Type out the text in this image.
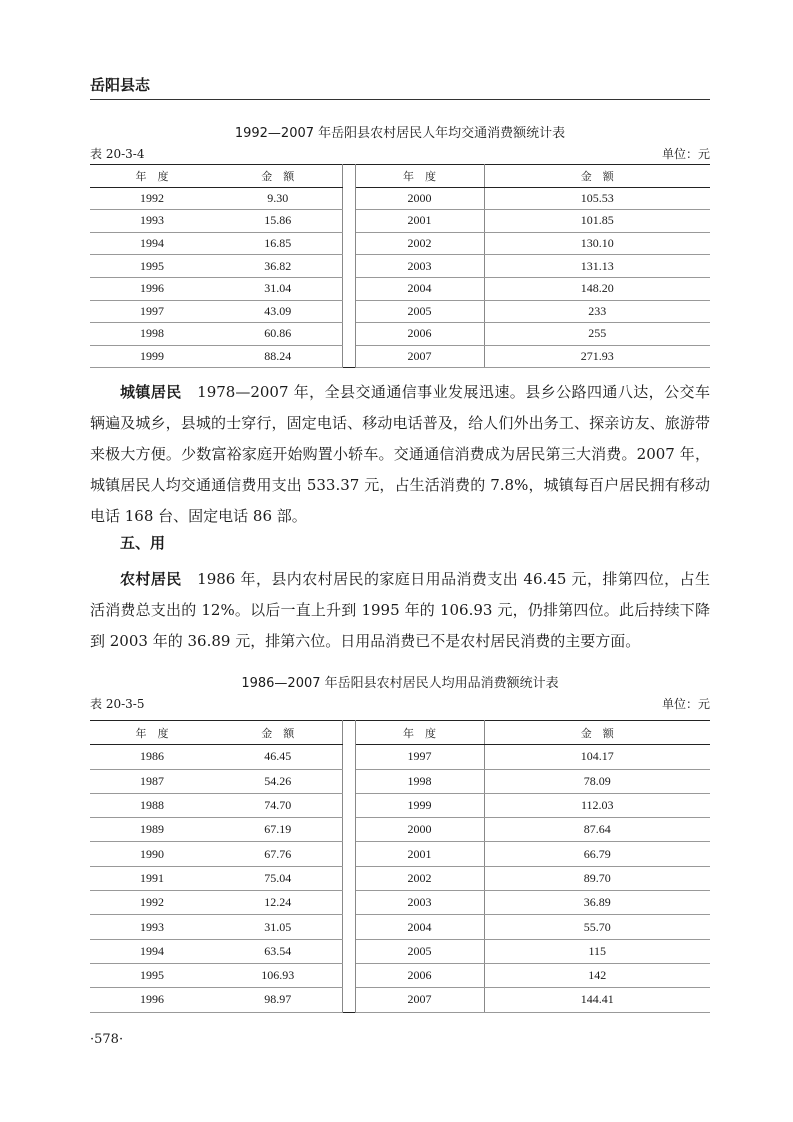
岳阳县志
1992—2007 年岳阳县农村居民人年均交通消费额统计表
表 20-3-4	单位：元
年　度	金　额		年　度	金　额
1992	9.30		2000	105.53
1993	15.86		2001	101.85
1994	16.85		2002	130.10
1995	36.82		2003	131.13
1996	31.04		2004	148.20
1997	43.09		2005	233
1998	60.86		2006	255
1999	88.24		2007	271.93
城镇居民　1978—2007 年，全县交通通信事业发展迅速。县乡公路四通八达，公交车辆遍及城乡，县城的士穿行，固定电话、移动电话普及，给人们外出务工、探亲访友、旅游带来极大方便。少数富裕家庭开始购置小轿车。交通通信消费成为居民第三大消费。2007 年，城镇居民人均交通通信费用支出 533.37 元，占生活消费的 7.8%，城镇每百户居民拥有移动电话 168 台、固定电话 86 部。
五、用
农村居民　1986 年，县内农村居民的家庭日用品消费支出 46.45 元，排第四位，占生活消费总支出的 12%。以后一直上升到 1995 年的 106.93 元，仍排第四位。此后持续下降到 2003 年的 36.89 元，排第六位。日用品消费已不是农村居民消费的主要方面。
1986—2007 年岳阳县农村居民人均用品消费额统计表
表 20-3-5	单位：元
年　度	金　额		年　度	金　额
1986	46.45		1997	104.17
1987	54.26		1998	78.09
1988	74.70		1999	112.03
1989	67.19		2000	87.64
1990	67.76		2001	66.79
1991	75.04		2002	89.70
1992	12.24		2003	36.89
1993	31.05		2004	55.70
1994	63.54		2005	115
1995	106.93		2006	142
1996	98.97		2007	144.41
·578·
